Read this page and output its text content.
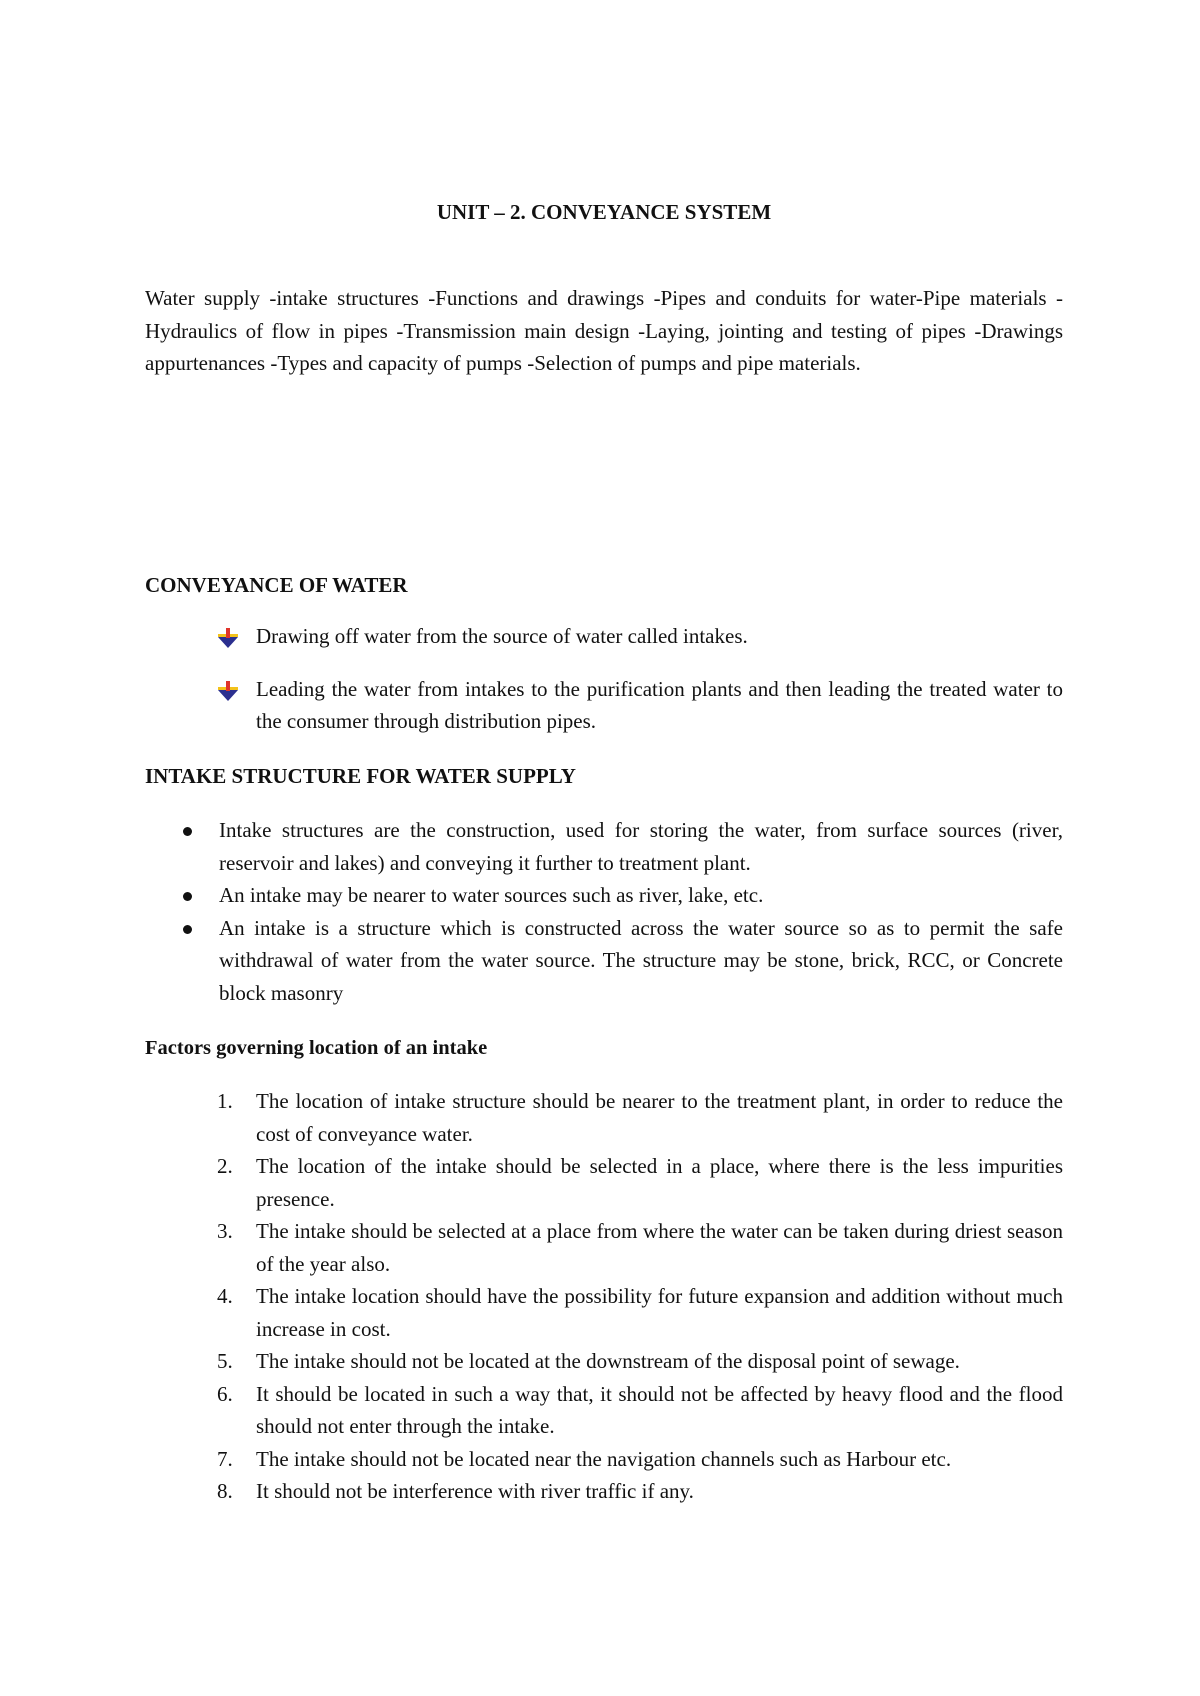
UNIT – 2. CONVEYANCE SYSTEM
Water supply -intake structures -Functions and drawings -Pipes and conduits for water-Pipe materials -Hydraulics of flow in pipes -Transmission main design -Laying, jointing and testing of pipes -Drawings appurtenances -Types and capacity of pumps -Selection of pumps and pipe materials.
CONVEYANCE OF WATER
Drawing off water from the source of water called intakes.
Leading the water from intakes to the purification plants and then leading the treated water to the consumer through distribution pipes.
INTAKE STRUCTURE FOR WATER SUPPLY
Intake structures are the construction, used for storing the water, from surface sources (river, reservoir and lakes) and conveying it further to treatment plant.
An intake may be nearer to water sources such as river, lake, etc.
An intake is a structure which is constructed across the water source so as to permit the safe withdrawal of water from the water source. The structure may be stone, brick, RCC, or Concrete block masonry
Factors governing location of an intake
1. The location of intake structure should be nearer to the treatment plant, in order to reduce the cost of conveyance water.
2. The location of the intake should be selected in a place, where there is the less impurities presence.
3. The intake should be selected at a place from where the water can be taken during driest season of the year also.
4. The intake location should have the possibility for future expansion and addition without much increase in cost.
5. The intake should not be located at the downstream of the disposal point of sewage.
6. It should be located in such a way that, it should not be affected by heavy flood and the flood should not enter through the intake.
7. The intake should not be located near the navigation channels such as Harbour etc.
8. It should not be interference with river traffic if any.
